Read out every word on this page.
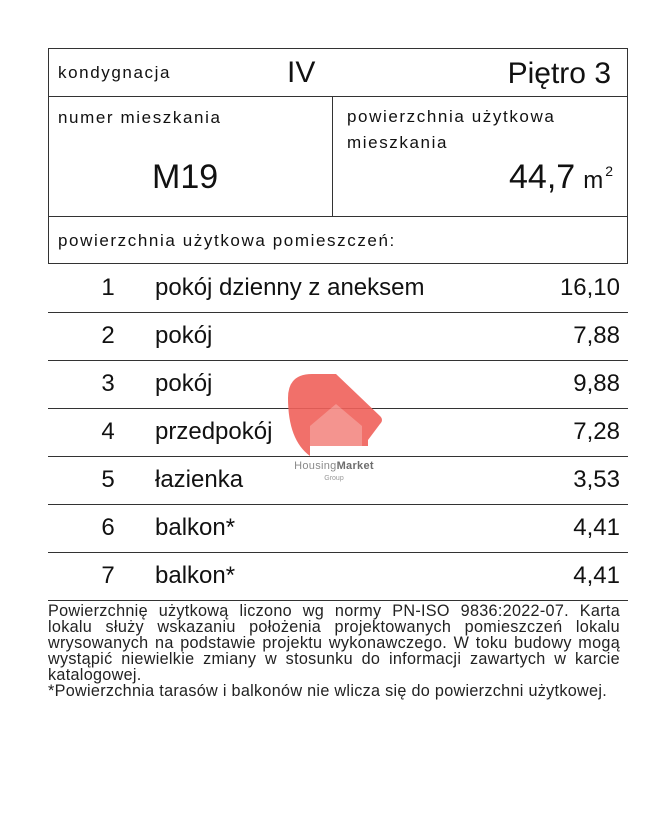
kondygnacja	IV	Piętro 3
numer mieszkania
M19
powierzchnia użytkowa
mieszkania
44,7 m $^2$
powierzchnia użytkowa pomieszczeń:
1	pokój dzienny z aneksem	16,10
2	pokój	7,88
3	pokój	9,88
4	przedpokój	7,28
5	łazienka	3,53
6	balkon*	4,41
7	balkon*	4,41
HousingMarket
Group

Powierzchnię użytkową liczono wg normy PN-ISO 9836:2022-07. Karta lokalu służy wskazaniu położenia projektowanych pomieszczeń lokalu wrysowanych na podstawie projektu wykonawczego. W toku budowy mogą wystąpić niewielkie zmiany w stosunku do informacji zawartych w karcie katalogowej.

*Powierzchnia tarasów i balkonów nie wlicza się do powierzchni użytkowej.
